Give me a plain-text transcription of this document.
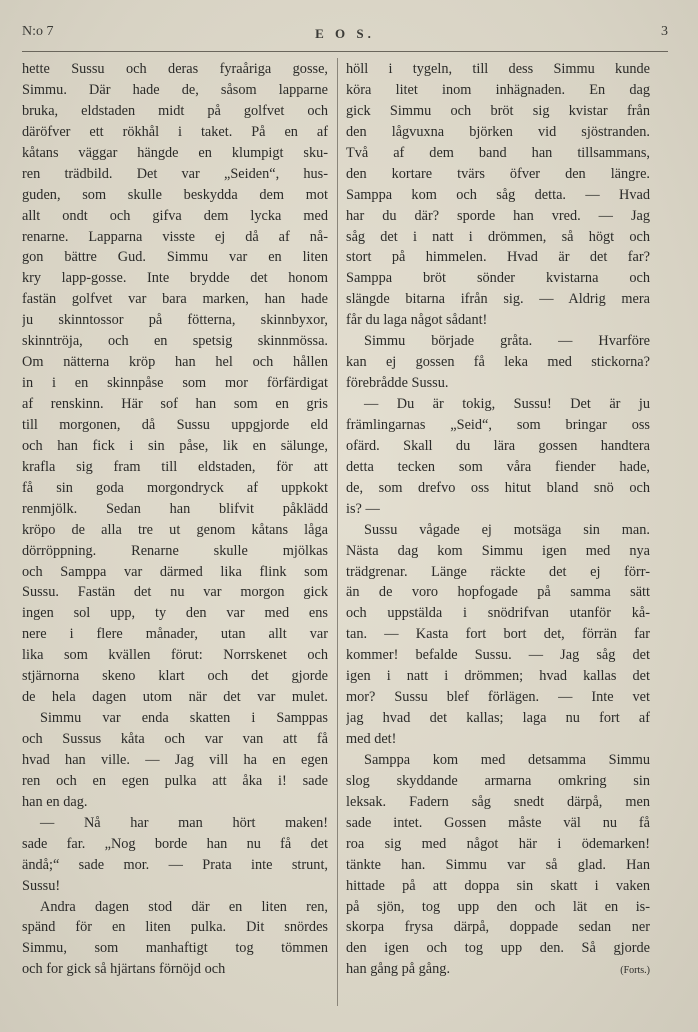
N:o 7	E O S.	3
hette Sussu och deras fyraåriga gosse,
Simmu. Där hade de, såsom lapparne
bruka, eldstaden midt på golfvet och
däröfver ett rökhål i taket. På en af
kåtans väggar hängde en klumpigt sku-
ren trädbild. Det var „Seiden“, hus-
guden, som skulle beskydda dem mot
allt ondt och gifva dem lycka med
renarne. Lapparna visste ej då af nå-
gon bättre Gud. Simmu var en liten
kry lapp-gosse. Inte brydde det honom
fastän golfvet var bara marken, han hade
ju skinntossor på fötterna, skinnbyxor,
skinntröja, och en spetsig skinnmössa.
Om nätterna kröp han hel och hållen
in i en skinnpåse som mor förfärdigat
af renskinn. Här sof han som en gris
till morgonen, då Sussu uppgjorde eld
och han fick i sin påse, lik en sälunge,
krafla sig fram till eldstaden, för att
få sin goda morgondryck af uppkokt
renmjölk. Sedan han blifvit påklädd
kröpo de alla tre ut genom kåtans låga
dörröppning. Renarne skulle mjölkas
och Samppa var därmed lika flink som
Sussu. Fastän det nu var morgon gick
ingen sol upp, ty den var med ens
nere i flere månader, utan allt var
lika som kvällen förut: Norrskenet och
stjärnorna skeno klart och det gjorde
de hela dagen utom när det var mulet.
Simmu var enda skatten i Samppas
och Sussus kåta och var van att få
hvad han ville. — Jag vill ha en egen
ren och en egen pulka att åka i! sade
han en dag.
— Nå har man hört maken!
sade far. „Nog borde han nu få det
ändå;“ sade mor. — Prata inte strunt,
Sussu!
Andra dagen stod där en liten ren,
spänd för en liten pulka. Dit snördes
Simmu, som manhaftigt tog tömmen
och for gick så hjärtans förnöjd och
höll i tygeln, till dess Simmu kunde
köra litet inom inhägnaden. En dag
gick Simmu och bröt sig kvistar från
den lågvuxna björken vid sjöstranden.
Två af dem band han tillsammans,
den kortare tvärs öfver den längre.
Samppa kom och såg detta. — Hvad
har du där? sporde han vred. — Jag
såg det i natt i drömmen, så högt och
stort på himmelen. Hvad är det far?
Samppa bröt sönder kvistarna och
slängde bitarna ifrån sig. — Aldrig mera
får du laga något sådant!
Simmu började gråta. — Hvarföre
kan ej gossen få leka med stickorna?
förebrådde Sussu.
— Du är tokig, Sussu! Det är ju
främlingarnas „Seid“, som bringar oss
ofärd. Skall du lära gossen handtera
detta tecken som våra fiender hade,
de, som drefvo oss hitut bland snö och
is? —
Sussu vågade ej motsäga sin man.
Nästa dag kom Simmu igen med nya
trädgrenar. Länge räckte det ej förr-
än de voro hopfogade på samma sätt
och uppstälda i snödrifvan utanför kå-
tan. — Kasta fort bort det, förrän far
kommer! befalde Sussu. — Jag såg det
igen i natt i drömmen; hvad kallas det
mor? Sussu blef förlägen. — Inte vet
jag hvad det kallas; laga nu fort af
med det!
Samppa kom med detsamma Simmu
slog skyddande armarna omkring sin
leksak. Fadern såg snedt därpå, men
sade intet. Gossen måste väl nu få
roa sig med något här i ödemarken!
tänkte han. Simmu var så glad. Han
hittade på att doppa sin skatt i vaken
på sjön, tog upp den och lät en is-
skorpa frysa därpå, doppade sedan ner
den igen och tog upp den. Så gjorde
han gång på gång.	(Forts.)
